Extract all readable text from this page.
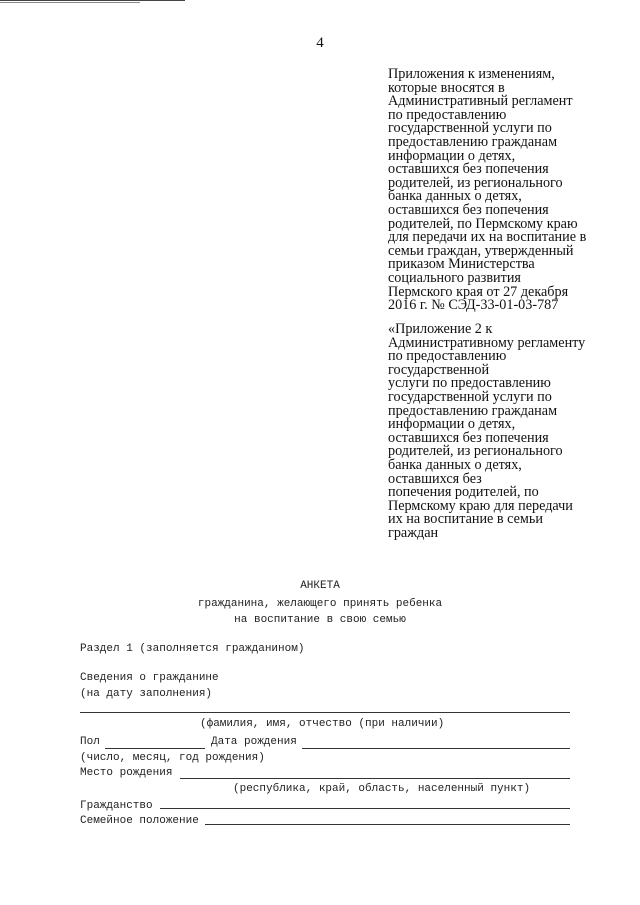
4
Приложения к изменениям,
которые вносятся в
Административный регламент
по предоставлению
государственной услуги по
предоставлению гражданам
информации о детях,
оставшихся без попечения
родителей, из регионального
банка данных о детях,
оставшихся без попечения
родителей, по Пермскому краю
для передачи их на воспитание в
семьи граждан, утвержденный
приказом Министерства
социального развития
Пермского края от 27 декабря
2016 г. № СЭД-33-01-03-787
«Приложение 2 к
Административному регламенту
по предоставлению
государственной
услуги по предоставлению
государственной услуги по
предоставлению гражданам
информации о детях,
оставшихся без попечения
родителей, из регионального
банка данных о детях,
оставшихся без
попечения родителей, по
Пермскому краю для передачи
их на воспитание в семьи
граждан
АНКЕТА
гражданина, желающего принять ребенка
на воспитание в свою семью
Раздел 1 (заполняется гражданином)
Сведения о гражданине
(на дату заполнения)
(фамилия, имя, отчество (при наличии)
Пол	Дата рождения
(число, месяц, год рождения)
Место рождения
(республика, край, область, населенный пункт)
Гражданство
Семейное положение
